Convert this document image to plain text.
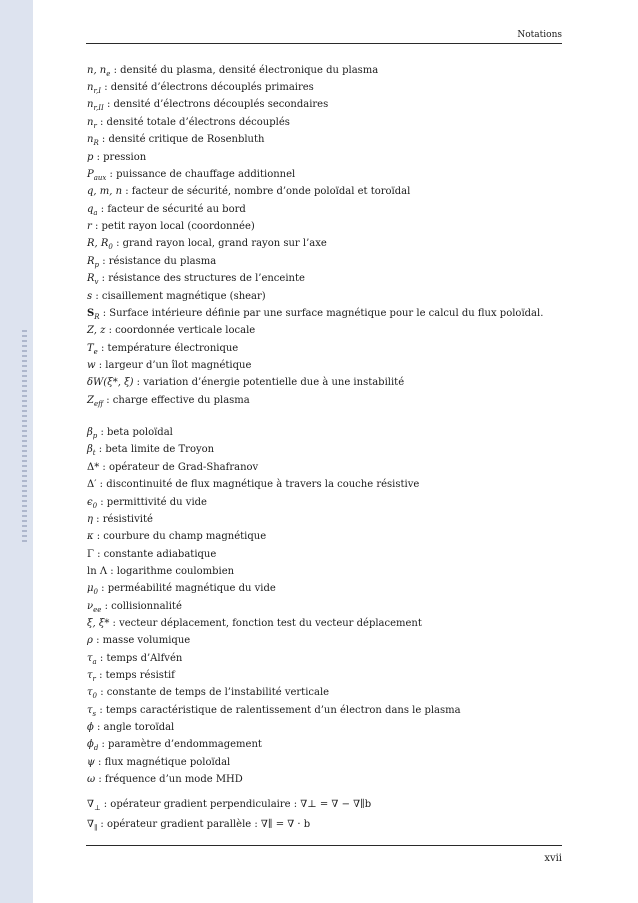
Notations
n, $n_e$ : densité du plasma, densité électronique du plasma
$n_{r,I}$ : densité d’électrons découplés primaires
$n_{r,II}$ : densité d’électrons découplés secondaires
$n_r$ : densité totale d’électrons découplés
$n_R$ : densité critique de Rosenbluth
p : pression
$P_{aux}$ : puissance de chauffage additionnel
q, m, n : facteur de sécurité, nombre d’onde poloïdal et toroïdal
$q_a$ : facteur de sécurité au bord
r : petit rayon local (coordonnée)
R, $R_0$ : grand rayon local, grand rayon sur l’axe
$R_p$ : résistance du plasma
$R_v$ : résistance des structures de l’enceinte
s : cisaillement magnétique (shear)
$S_R$ : Surface intérieure définie par une surface magnétique pour le calcul du flux poloïdal.
Z, z : coordonnée verticale locale
$T_e$ : température électronique
w : largeur d’un îlot magnétique
δW(ξ*, ξ) : variation d’énergie potentielle due à une instabilité
$Z_{eff}$ : charge effective du plasma
$\beta_p$ : beta poloïdal
$\beta_t$ : beta limite de Troyon
Δ* : opérateur de Grad-Shafranov
Δ′ : discontinuité de flux magnétique à travers la couche résistive
$\epsilon_0$ : permittivité du vide
η : résistivité
κ : courbure du champ magnétique
Γ : constante adiabatique
ln Λ : logarithme coulombien
$\mu_0$ : perméabilité magnétique du vide
$\nu_{ee}$ : collisionnalité
ξ, ξ* : vecteur déplacement, fonction test du vecteur déplacement
ρ : masse volumique
$\tau_a$ : temps d’Alfvén
$\tau_r$ : temps résistif
$\tau_0$ : constante de temps de l’instabilité verticale
$\tau_s$ : temps caractéristique de ralentissement d’un électron dans le plasma
ϕ : angle toroïdal
$\phi_d$ : paramètre d’endommagement
ψ : flux magnétique poloïdal
ω : fréquence d’un mode MHD
$\nabla_\perp$ : opérateur gradient perpendiculaire : ∇⊥ = ∇ − ∇∥b
$\nabla_\parallel$ : opérateur gradient parallèle : ∇∥ = ∇ · b
xvii
